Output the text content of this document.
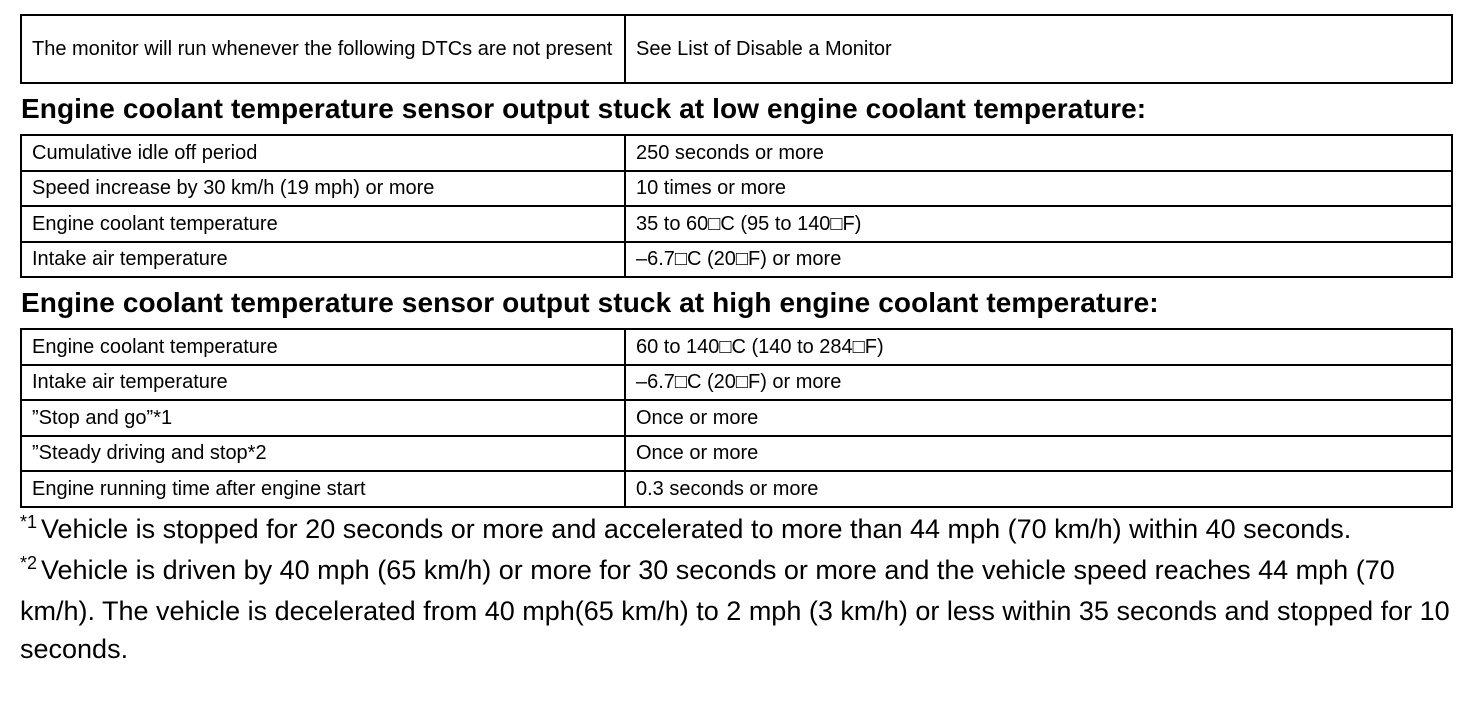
The monitor will run whenever the following DTCs are not present	See List of Disable a Monitor
Engine coolant temperature sensor output stuck at low engine coolant temperature:
Cumulative idle off period	250 seconds or more
Speed increase by 30 km/h (19 mph) or more	10 times or more
Engine coolant temperature	35 to 60□C (95 to 140□F)
Intake air temperature	–6.7□C (20□F) or more
Engine coolant temperature sensor output stuck at high engine coolant temperature:
Engine coolant temperature	60 to 140□C (140 to 284□F)
Intake air temperature	–6.7□C (20□F) or more
”Stop and go”*1	Once or more
”Steady driving and stop*2	Once or more
Engine running time after engine start	0.3 seconds or more

$^{*1}$ Vehicle is stopped for 20 seconds or more and accelerated to more than 44 mph (70 km/h) within 40 seconds.

$^{*2}$ Vehicle is driven by 40 mph (65 km/h) or more for 30 seconds or more and the vehicle speed reaches 44 mph (70 km/h). The vehicle is decelerated from 40 mph(65 km/h) to 2 mph (3 km/h) or less within 35 seconds and stopped for 10 seconds.
